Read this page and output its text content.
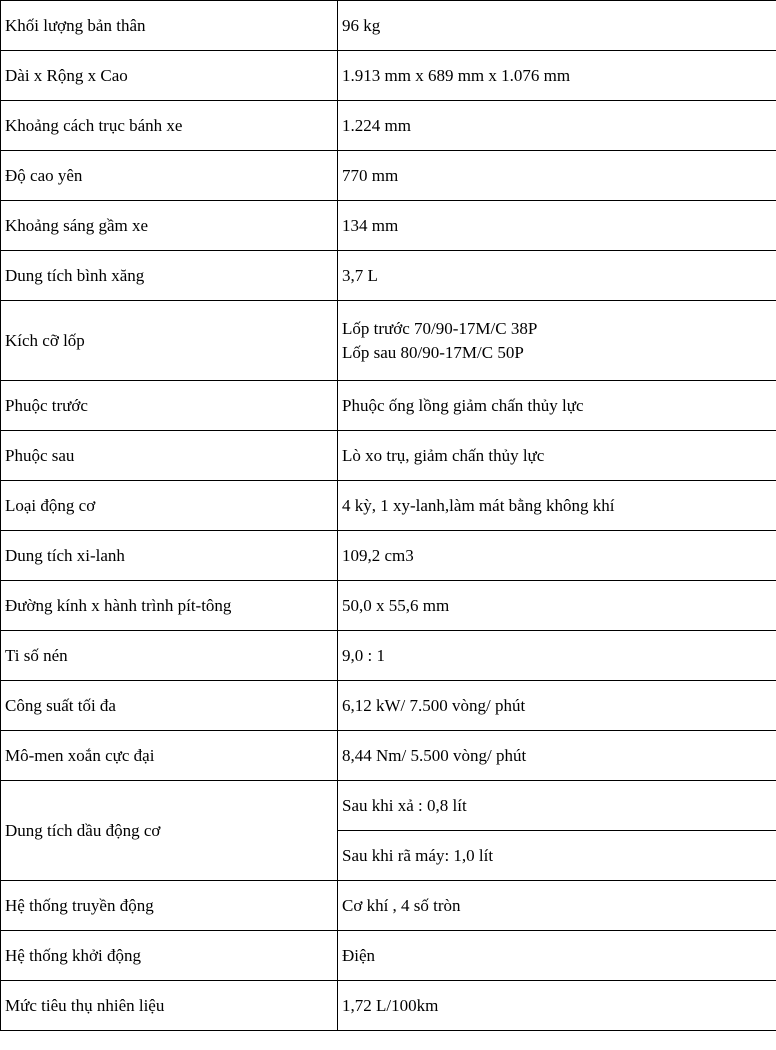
Khối lượng bản thân	96 kg
Dài x Rộng x Cao	1.913 mm x 689 mm x 1.076 mm
Khoảng cách trục bánh xe	1.224 mm
Độ cao yên	770 mm
Khoảng sáng gầm xe	134 mm
Dung tích bình xăng	3,7 L
Kích cỡ lốp	Lốp trước 70/90-17M/C 38P
Lốp sau 80/90-17M/C 50P

Phuộc trước	Phuộc ống lồng giảm chấn thủy lực
Phuộc sau	Lò xo trụ, giảm chấn thủy lực
Loại động cơ	4 kỳ, 1 xy-lanh,làm mát bằng không khí
Dung tích xi-lanh	109,2 cm3
Đường kính x hành trình pít-tông	50,0 x 55,6 mm
Ti số nén	9,0 : 1
Công suất tối đa	6,12 kW/ 7.500 vòng/ phút
Mô-men xoắn cực đại	8,44 Nm/ 5.500 vòng/ phút
Dung tích dầu động cơ	Sau khi xả : 0,8 lít
	Sau khi rã máy: 1,0 lít
Hệ thống truyền động	Cơ khí , 4 số tròn
Hệ thống khởi động	Điện
Mức tiêu thụ nhiên liệu	1,72 L/100km
